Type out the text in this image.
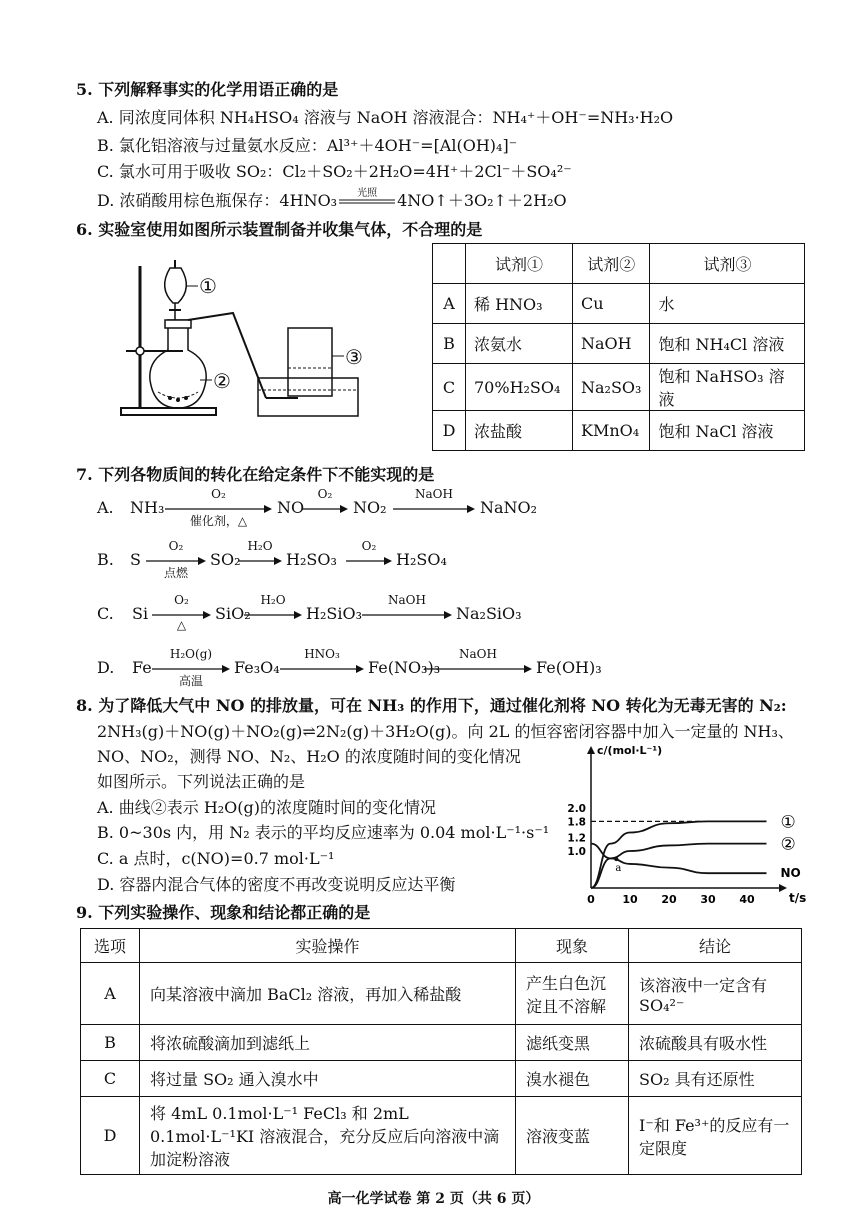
5. 下列解释事实的化学用语正确的是
A. 同浓度同体积 NH₄HSO₄ 溶液与 NaOH 溶液混合：NH₄⁺＋OH⁻=NH₃·H₂O
B. 氯化铝溶液与过量氨水反应：Al³⁺＋4OH⁻=[Al(OH)₄]⁻
C. 氯水可用于吸收 SO₂：Cl₂＋SO₂＋2H₂O=4H⁺＋2Cl⁻＋SO₄²⁻
D. 浓硝酸用棕色瓶保存：4HNO₃	光照	4NO↑＋3O₂↑＋2H₂O
6. 实验室使用如图所示装置制备并收集气体，不合理的是
①
②
③
	试剂①	试剂②	试剂③
A	稀 HNO₃	Cu	水
B	浓氨水	NaOH	饱和 NH₄Cl 溶液
C	70%H₂SO₄	Na₂SO₃	饱和 NaHSO₃ 溶液
D	浓盐酸	KMnO₄	饱和 NaCl 溶液
7. 下列各物质间的转化在给定条件下不能实现的是
A. NH₃	NO	NO₂	NaNO₂
O₂
催化剂，△
O₂	NaOH
B. S	SO₂	H₂SO₃	H₂SO₄
O₂
点燃
H₂O	O₂
C. Si	SiO₂	H₂SiO₃	Na₂SiO₃
O₂
△
H₂O	NaOH
D. Fe	Fe₃O₄	Fe(NO₃)₃	Fe(OH)₃
H₂O(g)
高温
HNO₃	NaOH
8. 为了降低大气中 NO 的排放量，可在 NH₃ 的作用下，通过催化剂将 NO 转化为无毒无害的 N₂:
2NH₃(g)＋NO(g)＋NO₂(g)⇌2N₂(g)＋3H₂O(g)。向 2L 的恒容密闭容器中加入一定量的 NH₃、
NO、NO₂，测得 NO、N₂、H₂O 的浓度随时间的变化情况
如图所示。下列说法正确的是
A. 曲线②表示 H₂O(g)的浓度随时间的变化情况
B. 0~30s 内，用 N₂ 表示的平均反应速率为 0.04 mol·L⁻¹·s⁻¹
C. a 点时，c(NO)=0.7 mol·L⁻¹
D. 容器内混合气体的密度不再改变说明反应达平衡
c/(mol·L⁻¹)
t/s
0	10 20 30 40
1.0
1.2
1.8
2.0
①
②
NO
a
9. 下列实验操作、现象和结论都正确的是
选项	实验操作	现象	结论
A	向某溶液中滴加 BaCl₂ 溶液，再加入稀盐酸	产生白色沉淀且不溶解	该溶液中一定含有 SO₄²⁻
B	将浓硫酸滴加到滤纸上	滤纸变黑	浓硫酸具有吸水性
C	将过量 SO₂ 通入溴水中	溴水褪色	SO₂ 具有还原性
D	将 4mL 0.1mol·L⁻¹ FeCl₃ 和 2mL 0.1mol·L⁻¹KI 溶液混合，充分反应后向溶液中滴加淀粉溶液	溶液变蓝	I⁻和 Fe³⁺的反应有一定限度
高一化学试卷 第 2 页（共 6 页）
